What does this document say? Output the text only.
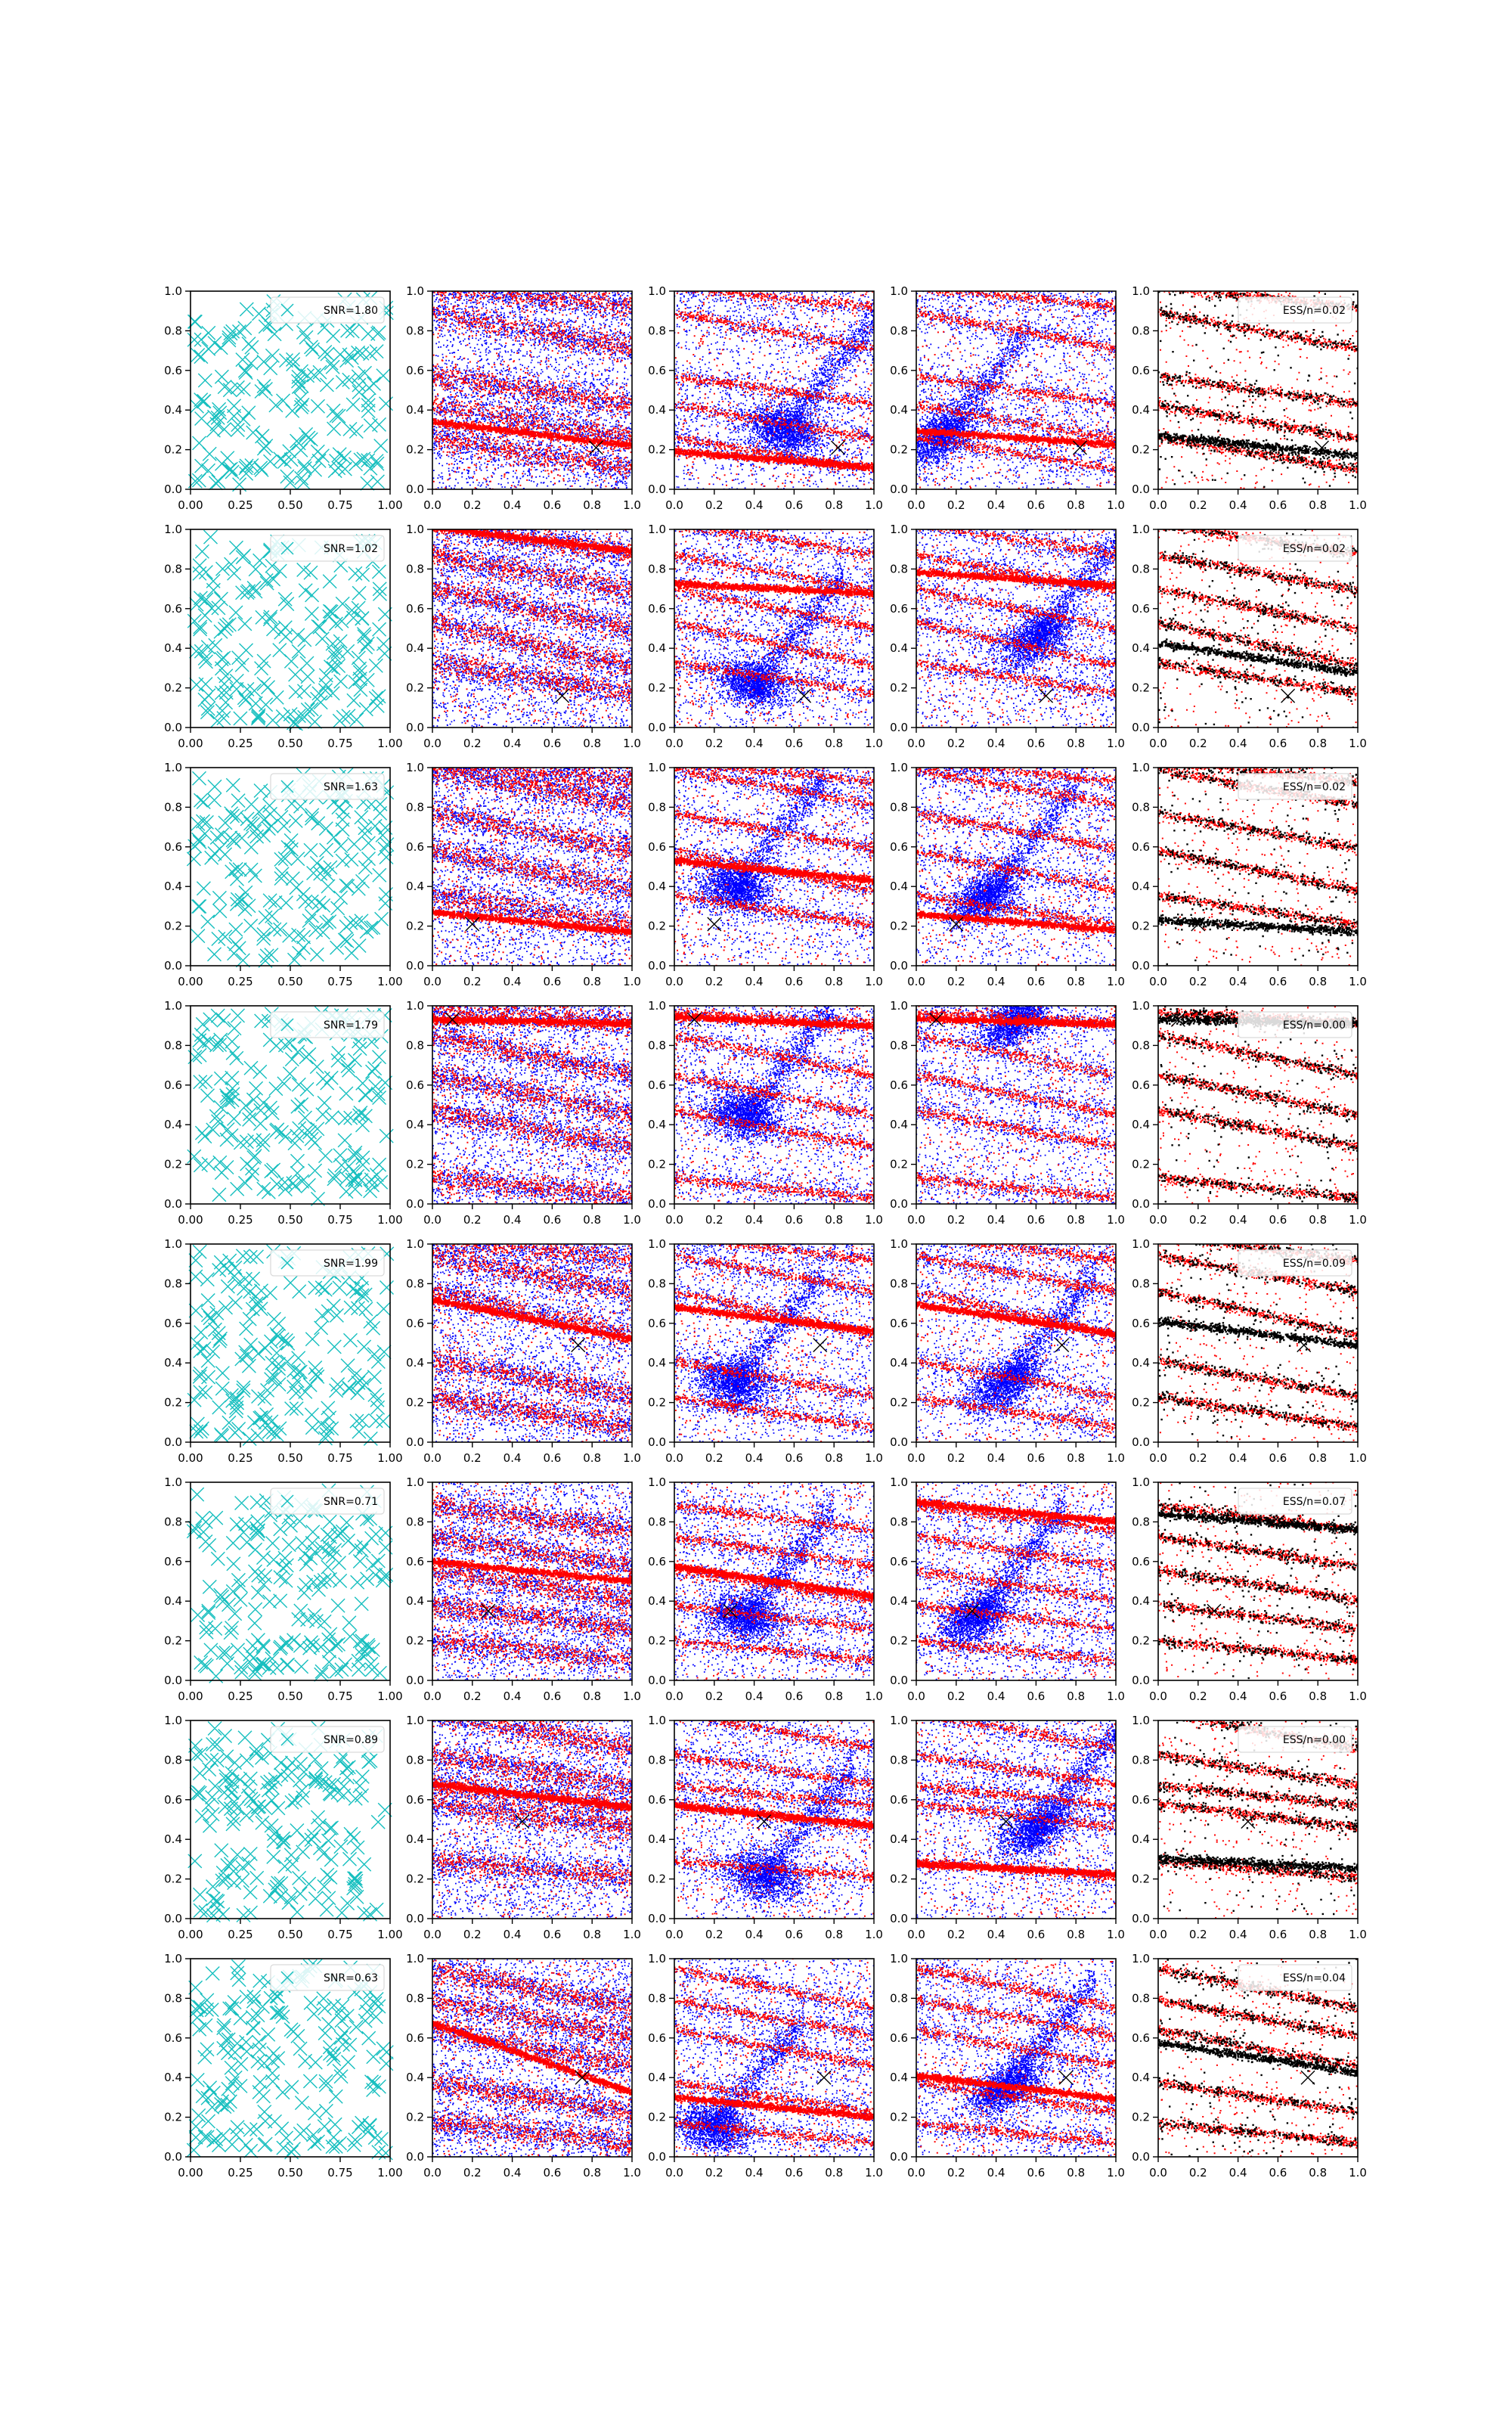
0.00 0.25 0.50 0.75 1.00
0.0
0.2
0.4
0.6
0.8
1.0
SNR=1.80
0.0 0.2 0.4 0.6 0.8 1.0
0.0
0.2
0.4
0.6
0.8
1.0
0.0 0.2 0.4 0.6 0.8 1.0
0.0
0.2
0.4
0.6
0.8
1.0
0.0 0.2 0.4 0.6 0.8 1.0
0.0
0.2
0.4
0.6
0.8
1.0
0.0 0.2 0.4 0.6 0.8 1.0
0.0
0.2
0.4
0.6
0.8
1.0
ESS/n=0.02
0.00 0.25 0.50 0.75 1.00
0.0
0.2
0.4
0.6
0.8
1.0
SNR=1.02
0.0 0.2 0.4 0.6 0.8 1.0
0.0
0.2
0.4
0.6
0.8
1.0
0.0 0.2 0.4 0.6 0.8 1.0
0.0
0.2
0.4
0.6
0.8
1.0
0.0 0.2 0.4 0.6 0.8 1.0
0.0
0.2
0.4
0.6
0.8
1.0
0.0 0.2 0.4 0.6 0.8 1.0
0.0
0.2
0.4
0.6
0.8
1.0
ESS/n=0.02
0.00 0.25 0.50 0.75 1.00
0.0
0.2
0.4
0.6
0.8
1.0
SNR=1.63
0.0 0.2 0.4 0.6 0.8 1.0
0.0
0.2
0.4
0.6
0.8
1.0
0.0 0.2 0.4 0.6 0.8 1.0
0.0
0.2
0.4
0.6
0.8
1.0
0.0 0.2 0.4 0.6 0.8 1.0
0.0
0.2
0.4
0.6
0.8
1.0
0.0 0.2 0.4 0.6 0.8 1.0
0.0
0.2
0.4
0.6
0.8
1.0
ESS/n=0.02
0.00 0.25 0.50 0.75 1.00
0.0
0.2
0.4
0.6
0.8
1.0
SNR=1.79
0.0 0.2 0.4 0.6 0.8 1.0
0.0
0.2
0.4
0.6
0.8
1.0
0.0 0.2 0.4 0.6 0.8 1.0
0.0
0.2
0.4
0.6
0.8
1.0
0.0 0.2 0.4 0.6 0.8 1.0
0.0
0.2
0.4
0.6
0.8
1.0
0.0 0.2 0.4 0.6 0.8 1.0
0.0
0.2
0.4
0.6
0.8
1.0
ESS/n=0.00
0.00 0.25 0.50 0.75 1.00
0.0
0.2
0.4
0.6
0.8
1.0
SNR=1.99
0.0 0.2 0.4 0.6 0.8 1.0
0.0
0.2
0.4
0.6
0.8
1.0
0.0 0.2 0.4 0.6 0.8 1.0
0.0
0.2
0.4
0.6
0.8
1.0
0.0 0.2 0.4 0.6 0.8 1.0
0.0
0.2
0.4
0.6
0.8
1.0
0.0 0.2 0.4 0.6 0.8 1.0
0.0
0.2
0.4
0.6
0.8
1.0
ESS/n=0.09
0.00 0.25 0.50 0.75 1.00
0.0
0.2
0.4
0.6
0.8
1.0
SNR=0.71
0.0 0.2 0.4 0.6 0.8 1.0
0.0
0.2
0.4
0.6
0.8
1.0
0.0 0.2 0.4 0.6 0.8 1.0
0.0
0.2
0.4
0.6
0.8
1.0
0.0 0.2 0.4 0.6 0.8 1.0
0.0
0.2
0.4
0.6
0.8
1.0
0.0 0.2 0.4 0.6 0.8 1.0
0.0
0.2
0.4
0.6
0.8
1.0
ESS/n=0.07
0.00 0.25 0.50 0.75 1.00
0.0
0.2
0.4
0.6
0.8
1.0
SNR=0.89
0.0 0.2 0.4 0.6 0.8 1.0
0.0
0.2
0.4
0.6
0.8
1.0
0.0 0.2 0.4 0.6 0.8 1.0
0.0
0.2
0.4
0.6
0.8
1.0
0.0 0.2 0.4 0.6 0.8 1.0
0.0
0.2
0.4
0.6
0.8
1.0
0.0 0.2 0.4 0.6 0.8 1.0
0.0
0.2
0.4
0.6
0.8
1.0
ESS/n=0.00
0.00 0.25 0.50 0.75 1.00
0.0
0.2
0.4
0.6
0.8
1.0
SNR=0.63
0.0 0.2 0.4 0.6 0.8 1.0
0.0
0.2
0.4
0.6
0.8
1.0
0.0 0.2 0.4 0.6 0.8 1.0
0.0
0.2
0.4
0.6
0.8
1.0
0.0 0.2 0.4 0.6 0.8 1.0
0.0
0.2
0.4
0.6
0.8
1.0
0.0 0.2 0.4 0.6 0.8 1.0
0.0
0.2
0.4
0.6
0.8
1.0
ESS/n=0.04
